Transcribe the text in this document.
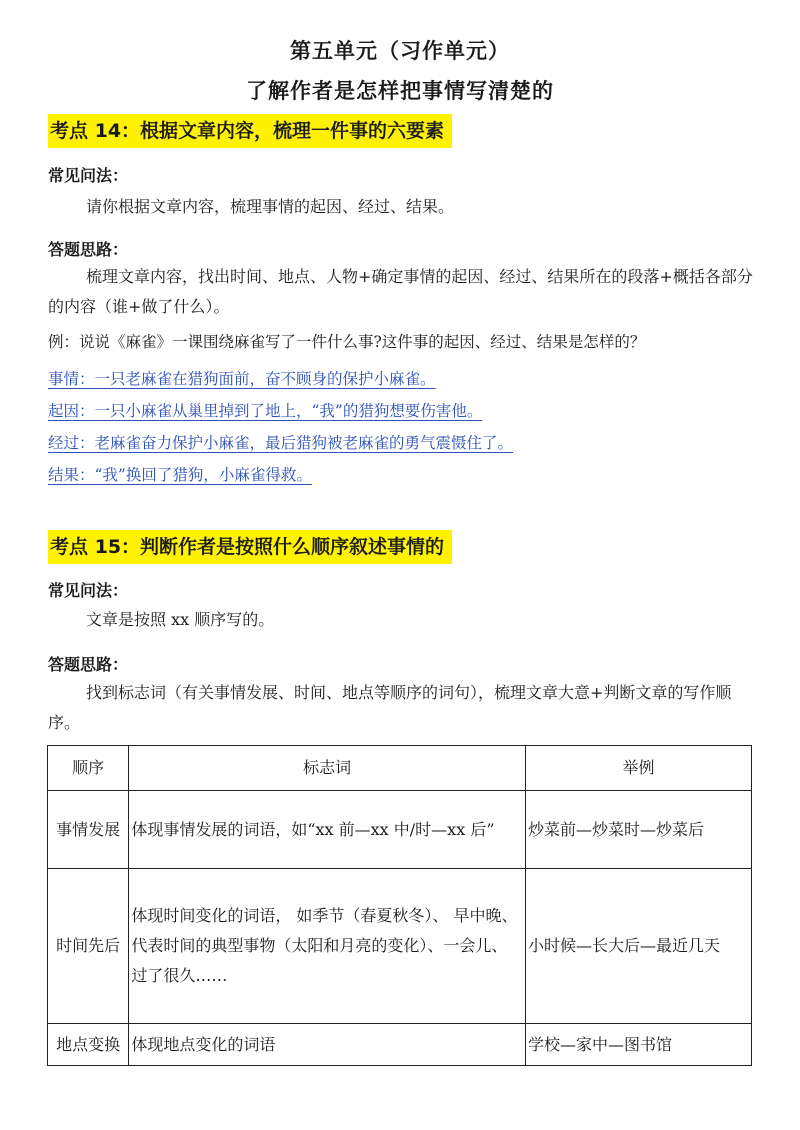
第五单元（习作单元）
了解作者是怎样把事情写清楚的
考点 14：根据文章内容，梳理一件事的六要素
常见问法：
请你根据文章内容，梳理事情的起因、经过、结果。
答题思路：
梳理文章内容，找出时间、地点、人物+确定事情的起因、经过、结果所在的段落+概括各部分的内容（谁+做了什么）。
例：说说《麻雀》一课围绕麻雀写了一件什么事?这件事的起因、经过、结果是怎样的？
事情：一只老麻雀在猎狗面前，奋不顾身的保护小麻雀。
起因：一只小麻雀从巢里掉到了地上，“我”的猎狗想要伤害他。
经过：老麻雀奋力保护小麻雀，最后猎狗被老麻雀的勇气震慑住了。
结果：“我”换回了猎狗，小麻雀得救。
考点 15：判断作者是按照什么顺序叙述事情的
常见问法：
文章是按照 xx 顺序写的。
答题思路：
找到标志词（有关事情发展、时间、地点等顺序的词句），梳理文章大意+判断文章的写作顺序。
顺序	标志词	举例
事情发展	体现事情发展的词语，如“xx 前—xx 中/时—xx 后”	炒菜前—炒菜时—炒菜后
时间先后	体现时间变化的词语， 如季节（春夏秋冬）、 早中晚、代表时间的典型事物（太阳和月亮的变化）、一会儿、 过了很久……	小时候—长大后—最近几天
地点变换	体现地点变化的词语	学校—家中—图书馆
